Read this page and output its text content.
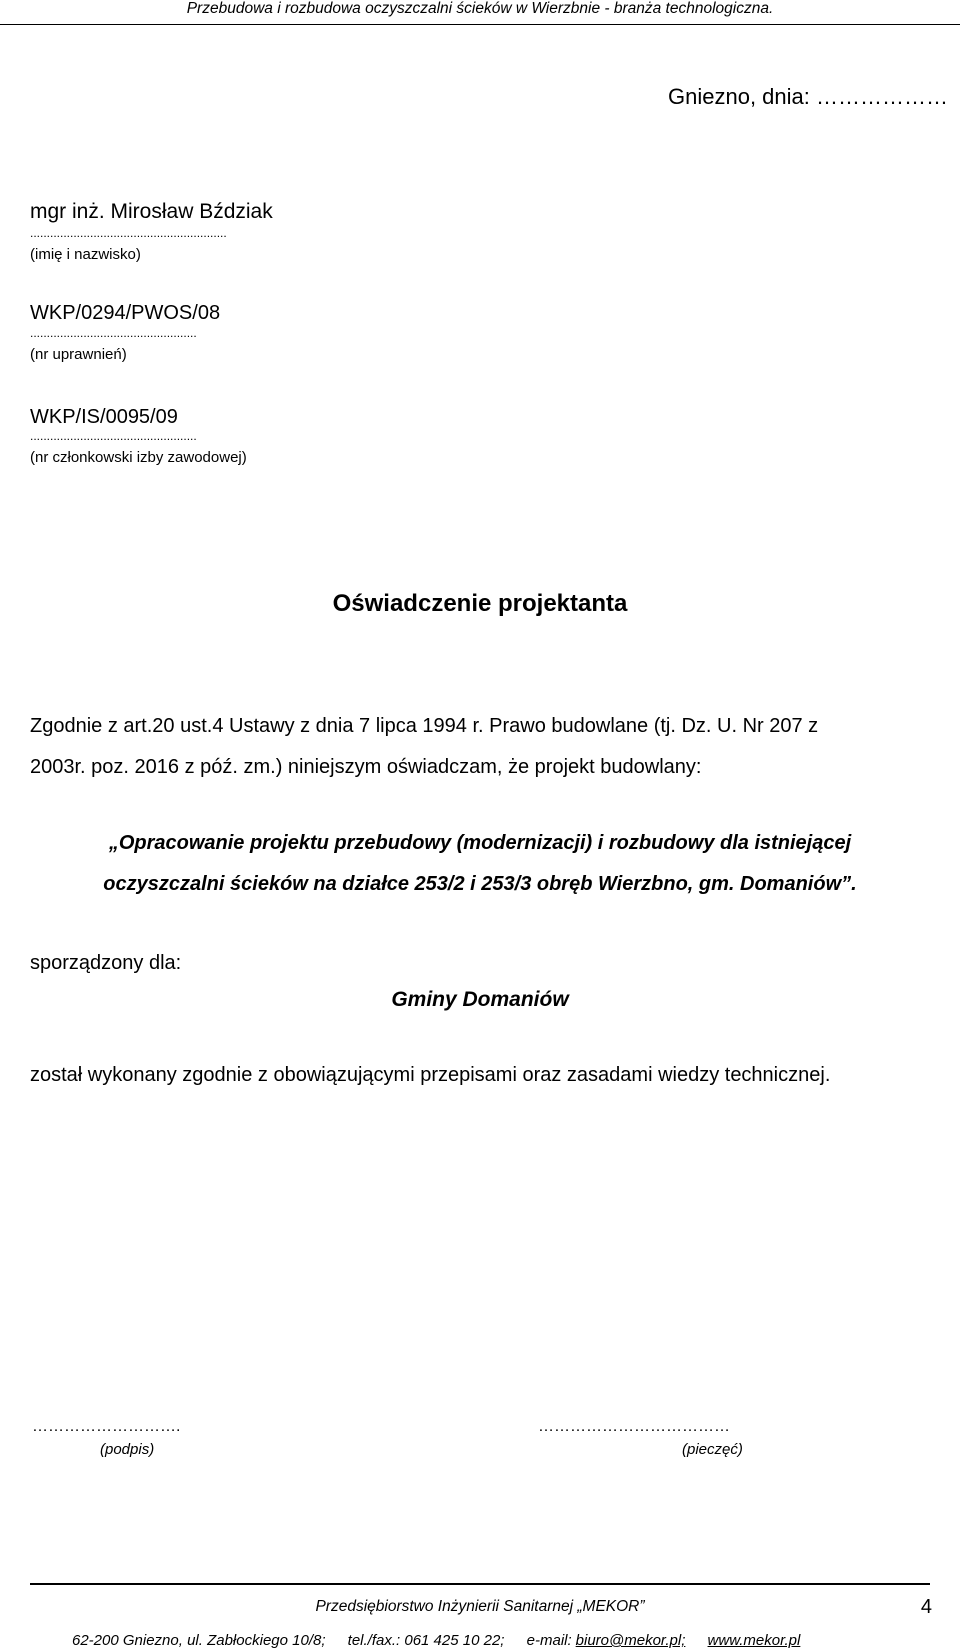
Przebudowa i rozbudowa oczyszczalni ścieków w Wierzbnie - branża technologiczna.
Gniezno, dnia: ………………
mgr inż. Mirosław Bździak
...........................................................
(imię i nazwisko)
WKP/0294/PWOS/08
..................................................
(nr uprawnień)
WKP/IS/0095/09
..................................................
(nr członkowski izby zawodowej)
Oświadczenie projektanta
Zgodnie z art.20 ust.4 Ustawy z dnia 7 lipca 1994 r. Prawo budowlane (tj. Dz. U. Nr 207 z
2003r. poz. 2016 z póź. zm.) niniejszym oświadczam, że projekt budowlany:
„Opracowanie projektu przebudowy (modernizacji) i rozbudowy dla istniejącej
oczyszczalni ścieków na działce 253/2 i 253/3 obręb Wierzbno, gm. Domaniów”.
sporządzony dla:
Gminy Domaniów
został wykonany zgodnie z obowiązującymi przepisami oraz zasadami wiedzy technicznej.
……………………….
(podpis)
………………………………
(pieczęć)
Przedsiębiorstwo Inżynierii Sanitarnej „MEKOR”	4
62-200 Gniezno, ul. Zabłockiego 10/8; tel./fax.: 061 425 10 22; e-mail: biuro@mekor.pl; www.mekor.pl
